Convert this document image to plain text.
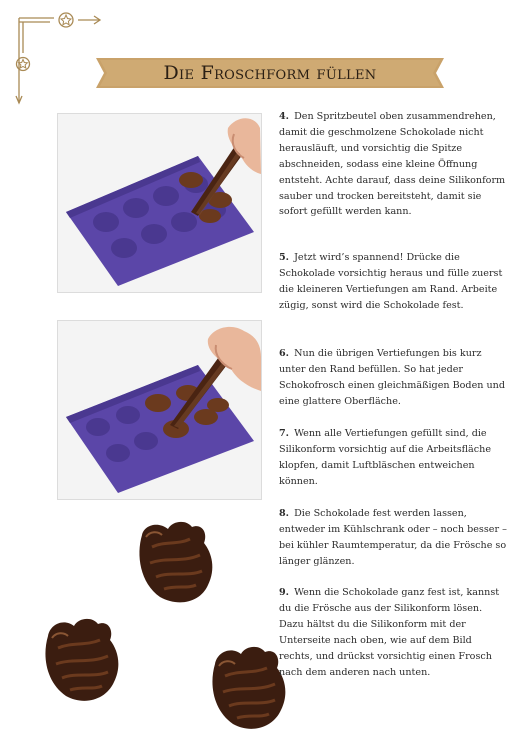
Die Froschform füllen
4. Den Spritzbeutel oben zusammendrehen, damit die geschmolzene Schokolade nicht herausläuft, und vorsichtig die Spitze abschneiden, sodass eine kleine Öffnung entsteht. Achte darauf, dass deine Silikonform sauber und trocken bereitsteht, damit sie sofort gefüllt werden kann.
5. Jetzt wird’s spannend! Drücke die Schokolade vorsichtig heraus und fülle zuerst die kleineren Vertiefungen am Rand. Arbeite zügig, sonst wird die Schokolade fest.
6. Nun die übrigen Vertiefungen bis kurz unter den Rand befüllen. So hat jeder Schokofrosch einen gleichmäßigen Boden und eine glattere Oberfläche.
7. Wenn alle Vertiefungen gefüllt sind, die Silikonform vorsichtig auf die Arbeitsfläche klopfen, damit Luftbläschen entweichen können.
8. Die Schokolade fest werden lassen, entweder im Kühlschrank oder – noch besser – bei kühler Raumtemperatur, da die Frösche so länger glänzen.
9. Wenn die Schokolade ganz fest ist, kannst du die Frösche aus der Silikonform lösen. Dazu hältst du die Silikonform mit der Unterseite nach oben, wie auf dem Bild rechts, und drückst vorsichtig einen Frosch nach dem anderen nach unten.
